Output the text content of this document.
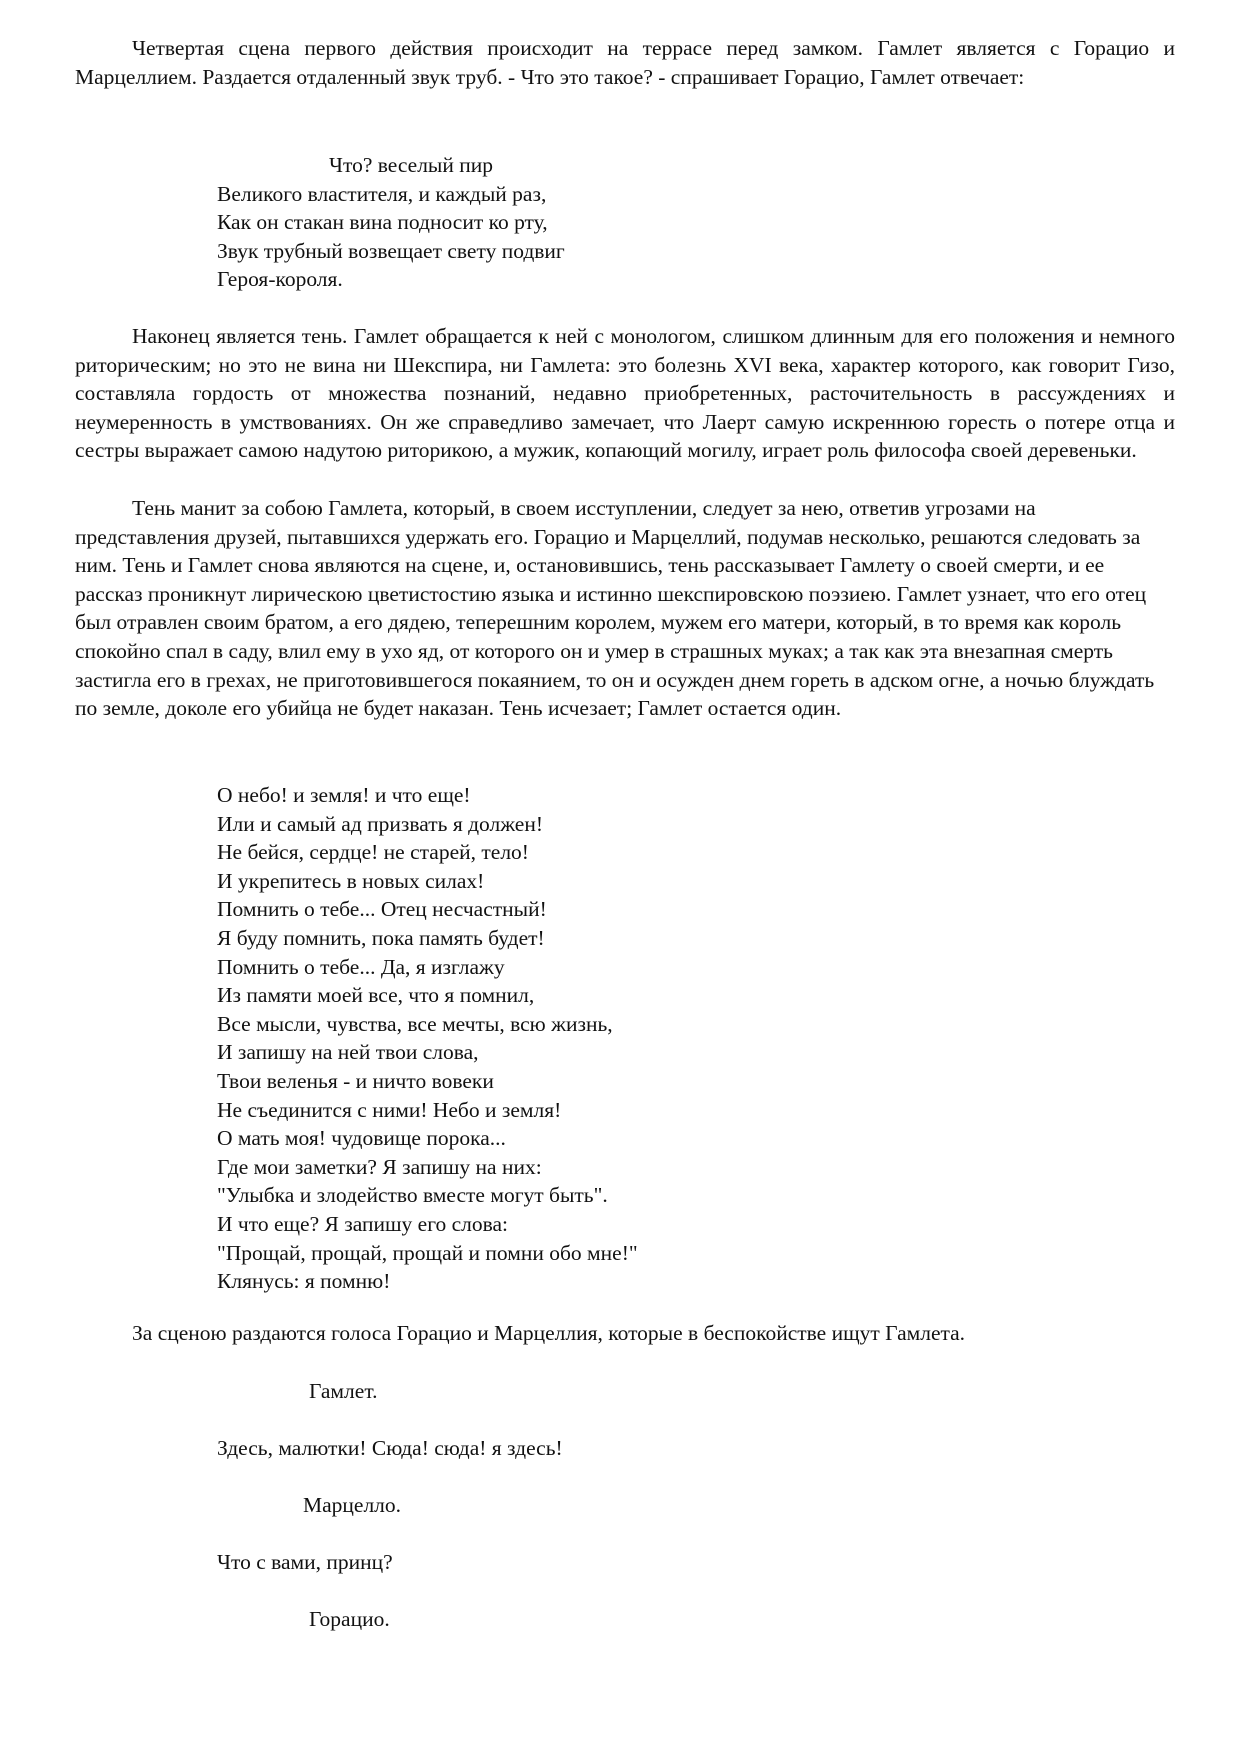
Четвертая сцена первого действия происходит на террасе перед замком. Гамлет является с Горацио и Марцеллием. Раздается отдаленный звук труб. - Что это такое? - спрашивает Горацио, Гамлет отвечает:

Что? веселый пир
Великого властителя, и каждый раз,
Как он стакан вина подносит ко рту,
Звук трубный возвещает свету подвиг
Героя-короля.

Наконец является тень. Гамлет обращается к ней с монологом, слишком длинным для его положения и немного риторическим; но это не вина ни Шекспира, ни Гамлета: это болезнь XVI века, характер которого, как говорит Гизо, составляла гордость от множества познаний, недавно приобретенных, расточительность в рассуждениях и неумеренность в умствованиях. Он же справедливо замечает, что Лаерт самую искреннюю горесть о потере отца и сестры выражает самою надутою риторикою, а мужик, копающий могилу, играет роль философа своей деревеньки.

Тень манит за собою Гамлета, который, в своем исступлении, следует за нею, ответив угрозами на представления друзей, пытавшихся удержать его. Горацио и Марцеллий, подумав несколько, решаются следовать за ним. Тень и Гамлет снова являются на сцене, и, остановившись, тень рассказывает Гамлету о своей смерти, и ее рассказ проникнут лирическою цветистостию языка и истинно шекспировскою поэзиею. Гамлет узнает, что его отец был отравлен своим братом, а его дядею, теперешним королем, мужем его матери, который, в то время как король спокойно спал в саду, влил ему в ухо яд, от которого он и умер в страшных муках; а так как эта внезапная смерть застигла его в грехах, не приготовившегося покаянием, то он и осужден днем гореть в адском огне, а ночью блуждать по земле, доколе его убийца не будет наказан. Тень исчезает; Гамлет остается один.

О небо! и земля! и что еще!
Или и самый ад призвать я должен!
Не бейся, сердце! не старей, тело!
И укрепитесь в новых силах!
Помнить о тебе... Отец несчастный!
Я буду помнить, пока память будет!
Помнить о тебе... Да, я изглажу
Из памяти моей все, что я помнил,
Все мысли, чувства, все мечты, всю жизнь,
И запишу на ней твои слова,
Твои веленья - и ничто вовеки
Не съединится с ними! Небо и земля!
О мать моя! чудовище порока...
Где мои заметки? Я запишу на них:
"Улыбка и злодейство вместе могут быть".
И что еще? Я запишу его слова:
"Прощай, прощай, прощай и помни обо мне!"
Клянусь: я помню!

За сценою раздаются голоса Горацио и Марцеллия, которые в беспокойстве ищут Гамлета.

Гамлет.

Здесь, малютки! Сюда! сюда! я здесь!

Марцелло.

Что с вами, принц?

Горацио.
